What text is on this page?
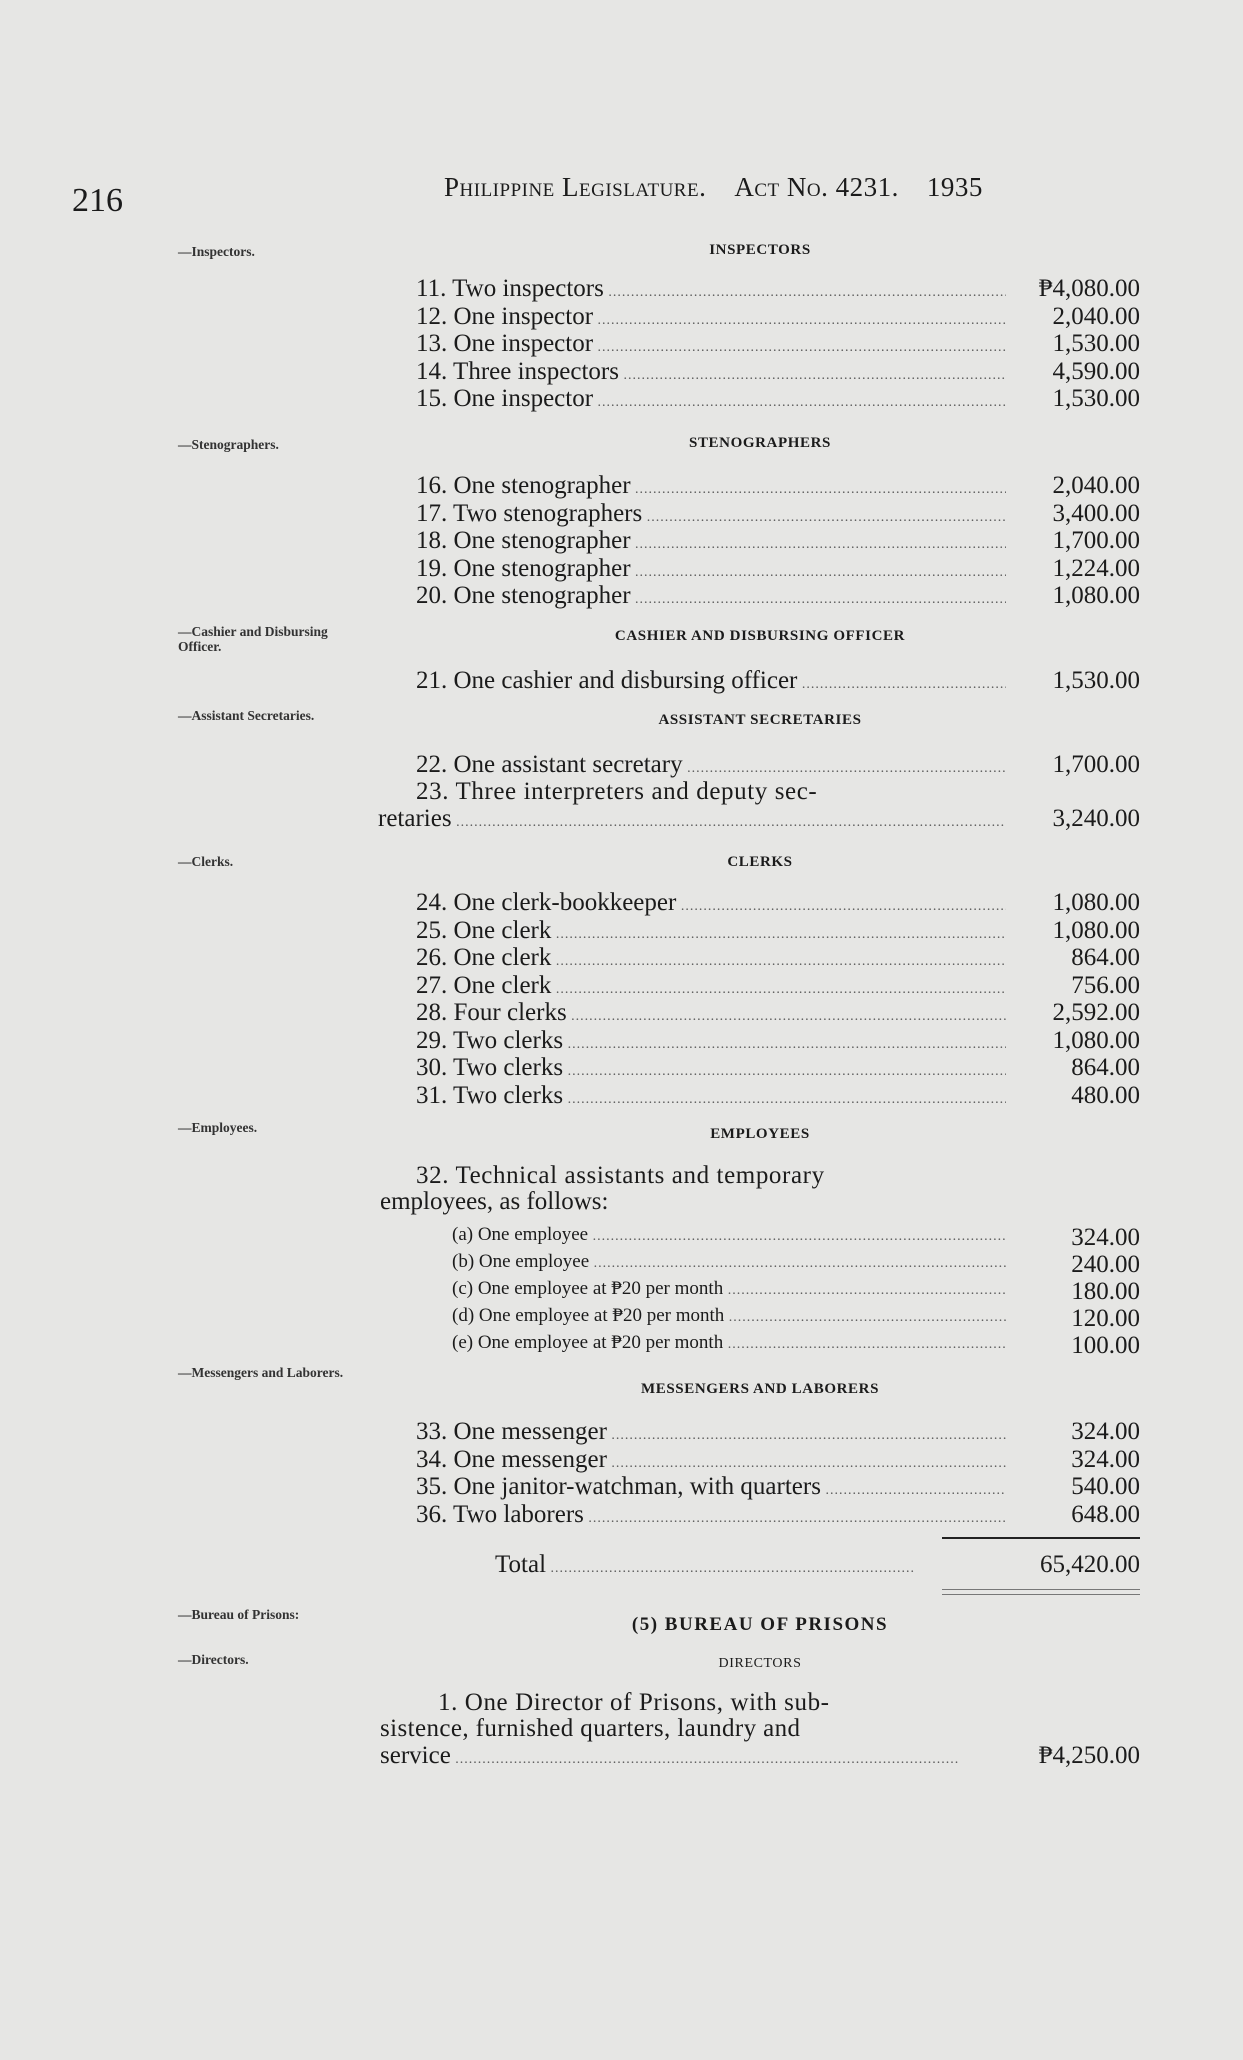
216	Philippine Legislature. Act No. 4231. 1935
—Inspectors.
—Stenographers.
—Cashier and Disbursing Officer.
—Assistant Secretaries.
—Clerks.
—Employees.
—Messengers and Laborers.
—Bureau of Prisons:
—Directors.
INSPECTORS
11. Two inspectors .....	₱4,080.00
12. One inspector .....	2,040.00
13. One inspector .....	1,530.00
14. Three inspectors .....	4,590.00
15. One inspector .....	1,530.00
STENOGRAPHERS
16. One stenographer .....	2,040.00
17. Two stenographers .....	3,400.00
18. One stenographer .....	1,700.00
19. One stenographer .....	1,224.00
20. One stenographer .....	1,080.00
CASHIER AND DISBURSING OFFICER
21. One cashier and disbursing officer .....	1,530.00
ASSISTANT SECRETARIES
22. One assistant secretary .....	1,700.00
23. Three interpreters and deputy sec-
retaries .....	3,240.00
CLERKS
24. One clerk-bookkeeper .....	1,080.00
25. One clerk .....	1,080.00
26. One clerk .....	864.00
27. One clerk .....	756.00
28. Four clerks .....	2,592.00
29. Two clerks .....	1,080.00
30. Two clerks .....	864.00
31. Two clerks .....	480.00
EMPLOYEES
32. Technical assistants and temporary
employees, as follows:
(a) One employee .....	324.00
(b) One employee .....	240.00
(c) One employee at ₱20 per month .....	180.00
(d) One employee at ₱20 per month .....	120.00
(e) One employee at ₱20 per month .....	100.00
MESSENGERS AND LABORERS
33. One messenger .....	324.00
34. One messenger .....	324.00
35. One janitor-watchman, with quarters .....	540.00
36. Two laborers .....	648.00
Total .....	65,420.00
(5) BUREAU OF PRISONS
DIRECTORS
1. One Director of Prisons, with sub-
sistence, furnished quarters, laundry and
service .....	₱4,250.00
